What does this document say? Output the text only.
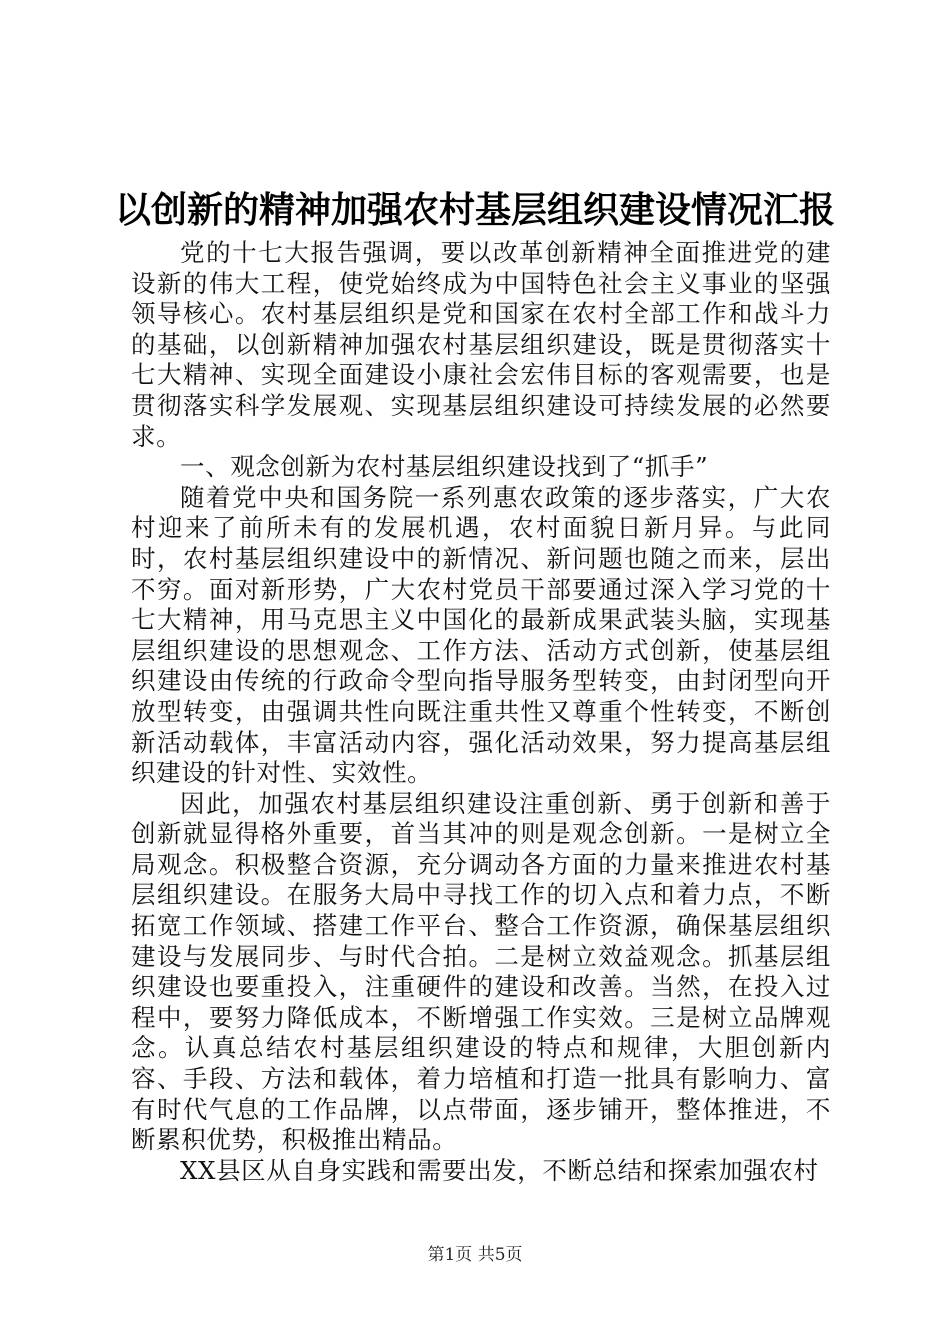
以创新的精神加强农村基层组织建设情况汇报

党的十七大报告强调，要以改革创新精神全面推进党的建设新的伟大工程，使党始终成为中国特色社会主义事业的坚强领导核心。农村基层组织是党和国家在农村全部工作和战斗力的基础，以创新精神加强农村基层组织建设，既是贯彻落实十七大精神、实现全面建设小康社会宏伟目标的客观需要，也是贯彻落实科学发展观、实现基层组织建设可持续发展的必然要求。

一、观念创新为农村基层组织建设找到了“抓手”

随着党中央和国务院一系列惠农政策的逐步落实，广大农村迎来了前所未有的发展机遇，农村面貌日新月异。与此同时，农村基层组织建设中的新情况、新问题也随之而来，层出不穷。面对新形势，广大农村党员干部要通过深入学习党的十七大精神，用马克思主义中国化的最新成果武装头脑，实现基层组织建设的思想观念、工作方法、活动方式创新，使基层组织建设由传统的行政命令型向指导服务型转变，由封闭型向开放型转变，由强调共性向既注重共性又尊重个性转变，不断创新活动载体，丰富活动内容，强化活动效果，努力提高基层组织建设的针对性、实效性。

因此，加强农村基层组织建设注重创新、勇于创新和善于创新就显得格外重要，首当其冲的则是观念创新。一是树立全局观念。积极整合资源，充分调动各方面的力量来推进农村基层组织建设。在服务大局中寻找工作的切入点和着力点，不断拓宽工作领域、搭建工作平台、整合工作资源，确保基层组织建设与发展同步、与时代合拍。二是树立效益观念。抓基层组织建设也要重投入，注重硬件的建设和改善。当然，在投入过程中，要努力降低成本，不断增强工作实效。三是树立品牌观念。认真总结农村基层组织建设的特点和规律，大胆创新内容、手段、方法和载体，着力培植和打造一批具有影响力、富有时代气息的工作品牌，以点带面，逐步铺开，整体推进，不断累积优势，积极推出精品。

XX县区从自身实践和需要出发，不断总结和探索加强农村

第1页 共5页
